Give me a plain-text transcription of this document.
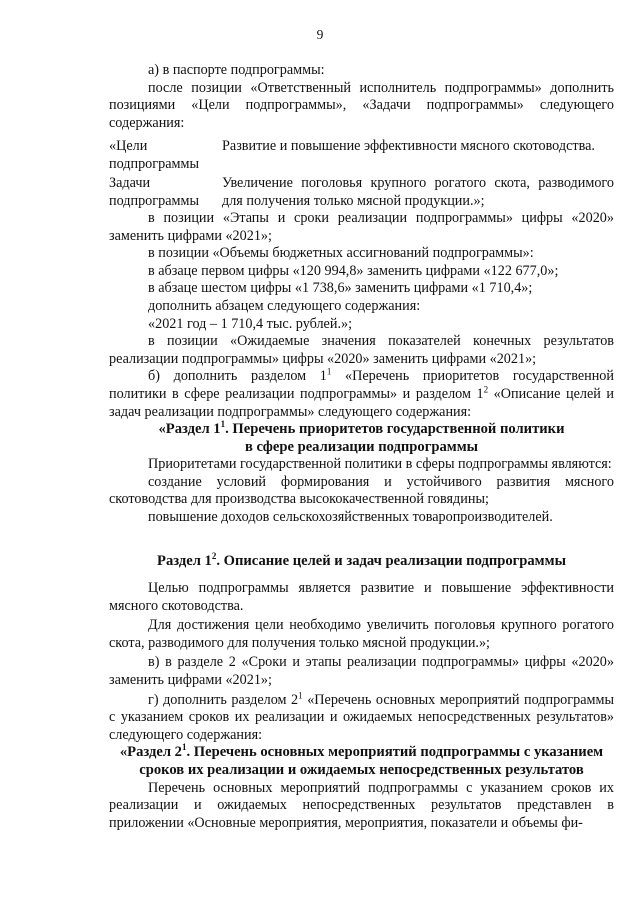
9

а) в паспорте подпрограммы:

после позиции «Ответственный исполнитель подпрограммы» дополнить позициями «Цели подпрограммы», «Задачи подпрограммы» следующего содержания:

«Цели подпрограммы
Развитие и повышение эффективности мясного скотоводства.
Задачи подпрограммы
Увеличение поголовья крупного рогатого скота, разводимого для получения только мясной продукции.»;

в позиции «Этапы и сроки реализации подпрограммы» цифры «2020» заменить цифрами «2021»;

в позиции «Объемы бюджетных ассигнований подпрограммы»:

в абзаце первом цифры «120 994,8» заменить цифрами «122 677,0»;

в абзаце шестом цифры «1 738,6» заменить цифрами «1 710,4»;

дополнить абзацем следующего содержания:

«2021 год – 1 710,4 тыс. рублей.»;

в позиции «Ожидаемые значения показателей конечных результатов реализации подпрограммы» цифры «2020» заменить цифрами «2021»;

б) дополнить разделом $1^1$ «Перечень приоритетов государственной политики в сфере реализации подпрограммы» и разделом $1^2$ «Описание целей и задач реализации подпрограммы» следующего содержания:

«Раздел $1^1$. Перечень приоритетов государственной политики
в сфере реализации подпрограммы

Приоритетами государственной политики в сферы подпрограммы являются:

создание условий формирования и устойчивого развития мясного скотоводства для производства высококачественной говядины;

повышение доходов сельскохозяйственных товаропроизводителей.

Раздел $1^2$. Описание целей и задач реализации подпрограммы

Целью подпрограммы является развитие и повышение эффективности мясного скотоводства.

Для достижения цели необходимо увеличить поголовья крупного рогатого скота, разводимого для получения только мясной продукции.»;

в) в разделе 2 «Сроки и этапы реализации подпрограммы» цифры «2020» заменить цифрами «2021»;

г) дополнить разделом $2^1$ «Перечень основных мероприятий подпрограммы с указанием сроков их реализации и ожидаемых непосредственных результатов» следующего содержания:

«Раздел $2^1$. Перечень основных мероприятий подпрограммы с указанием
сроков их реализации и ожидаемых непосредственных результатов

Перечень основных мероприятий подпрограммы с указанием сроков их реализации и ожидаемых непосредственных результатов представлен в приложении «Основные мероприятия, мероприятия, показатели и объемы фи-
